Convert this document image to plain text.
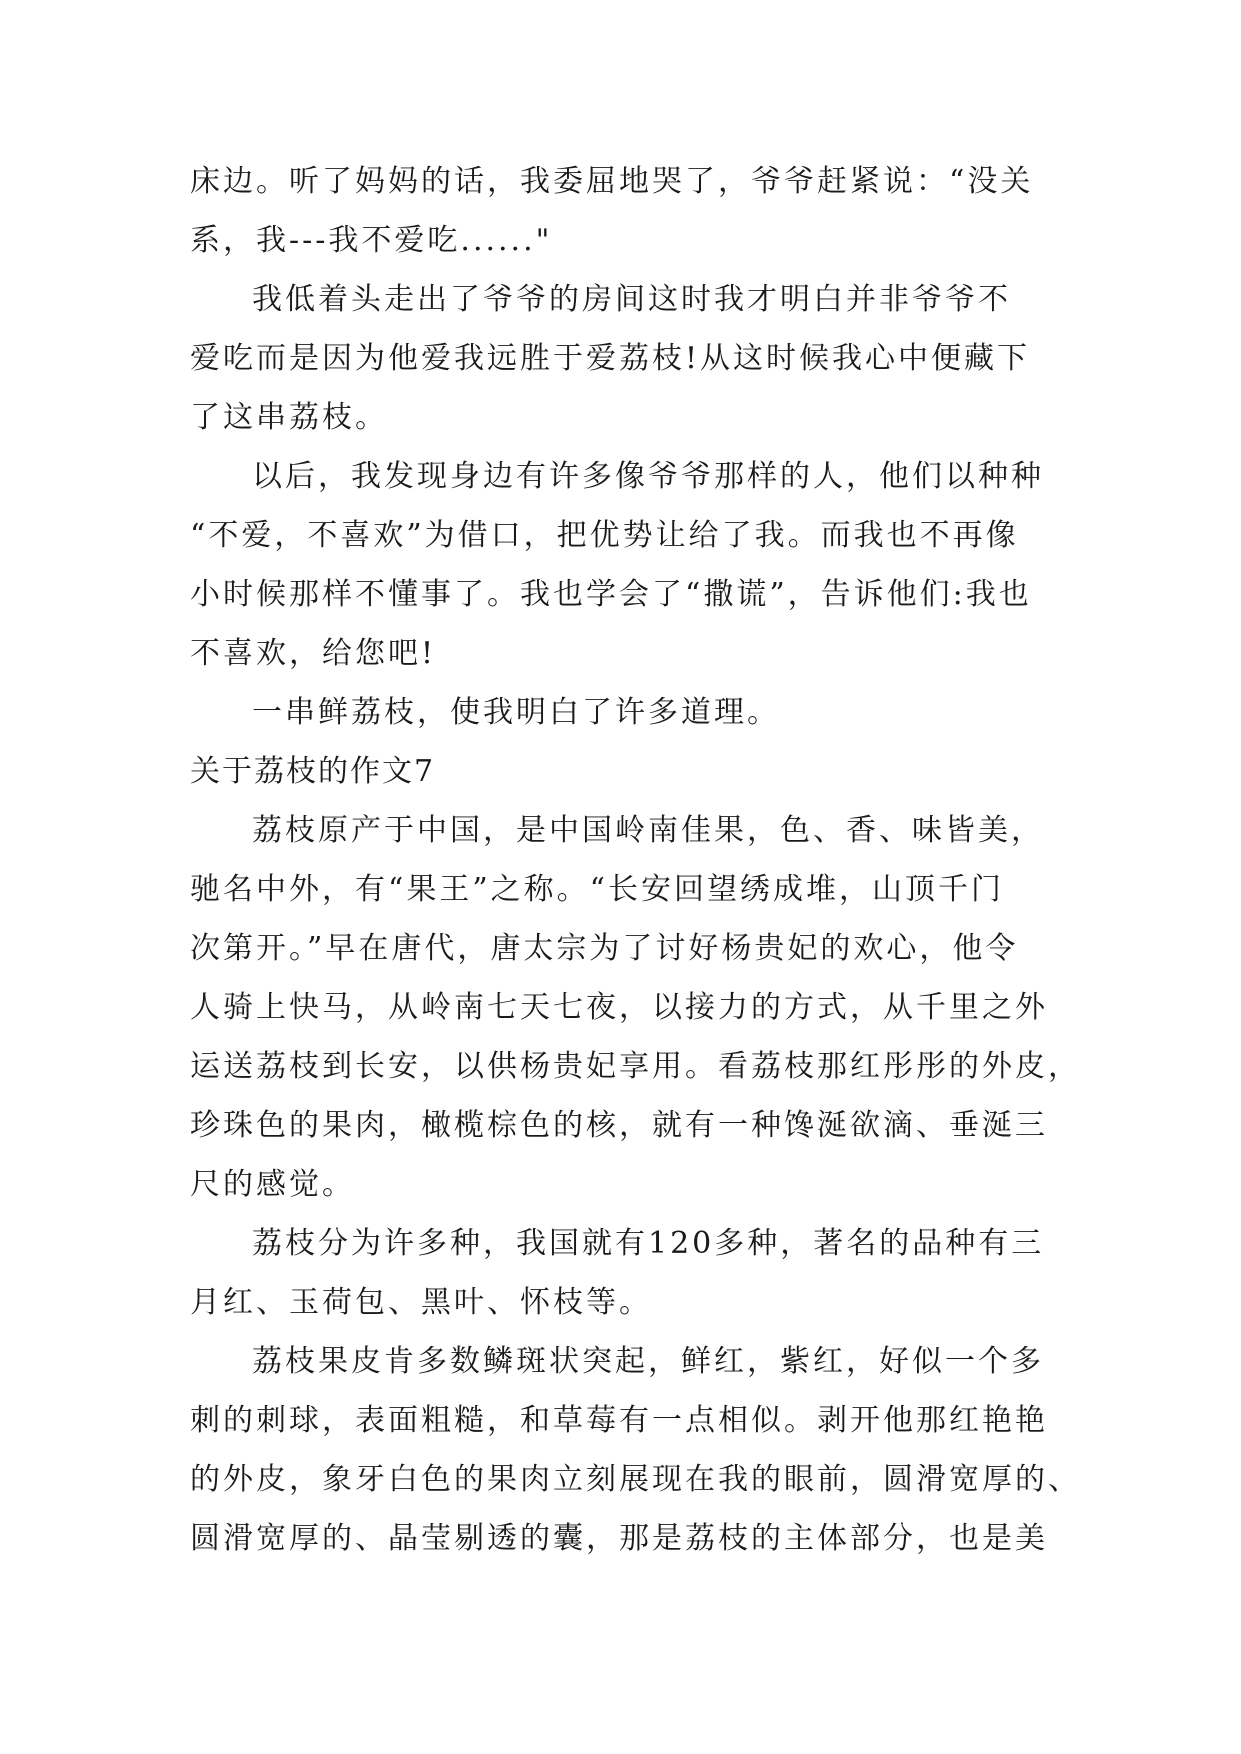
床边。听了妈妈的话，我委屈地哭了，爷爷赶紧说：“没关
系，我---我不爱吃......"
我低着头走出了爷爷的房间这时我才明白并非爷爷不
爱吃而是因为他爱我远胜于爱荔枝!从这时候我心中便藏下
了这串荔枝。
以后，我发现身边有许多像爷爷那样的人，他们以种种
“不爱，不喜欢”为借口，把优势让给了我。而我也不再像
小时候那样不懂事了。我也学会了“撒谎”，告诉他们:我也
不喜欢，给您吧!
一串鲜荔枝，使我明白了许多道理。
关于荔枝的作文7
荔枝原产于中国，是中国岭南佳果，色、香、味皆美，
驰名中外，有“果王”之称。“长安回望绣成堆，山顶千门
次第开。”早在唐代，唐太宗为了讨好杨贵妃的欢心，他令
人骑上快马，从岭南七天七夜，以接力的方式，从千里之外
运送荔枝到长安，以供杨贵妃享用。看荔枝那红彤彤的外皮，
珍珠色的果肉，橄榄棕色的核，就有一种馋涎欲滴、垂涎三
尺的感觉。
荔枝分为许多种，我国就有120多种，著名的品种有三
月红、玉荷包、黑叶、怀枝等。
荔枝果皮肯多数鳞斑状突起，鲜红，紫红，好似一个多
刺的刺球，表面粗糙，和草莓有一点相似。剥开他那红艳艳
的外皮，象牙白色的果肉立刻展现在我的眼前，圆滑宽厚的、
圆滑宽厚的、晶莹剔透的囊，那是荔枝的主体部分，也是美
